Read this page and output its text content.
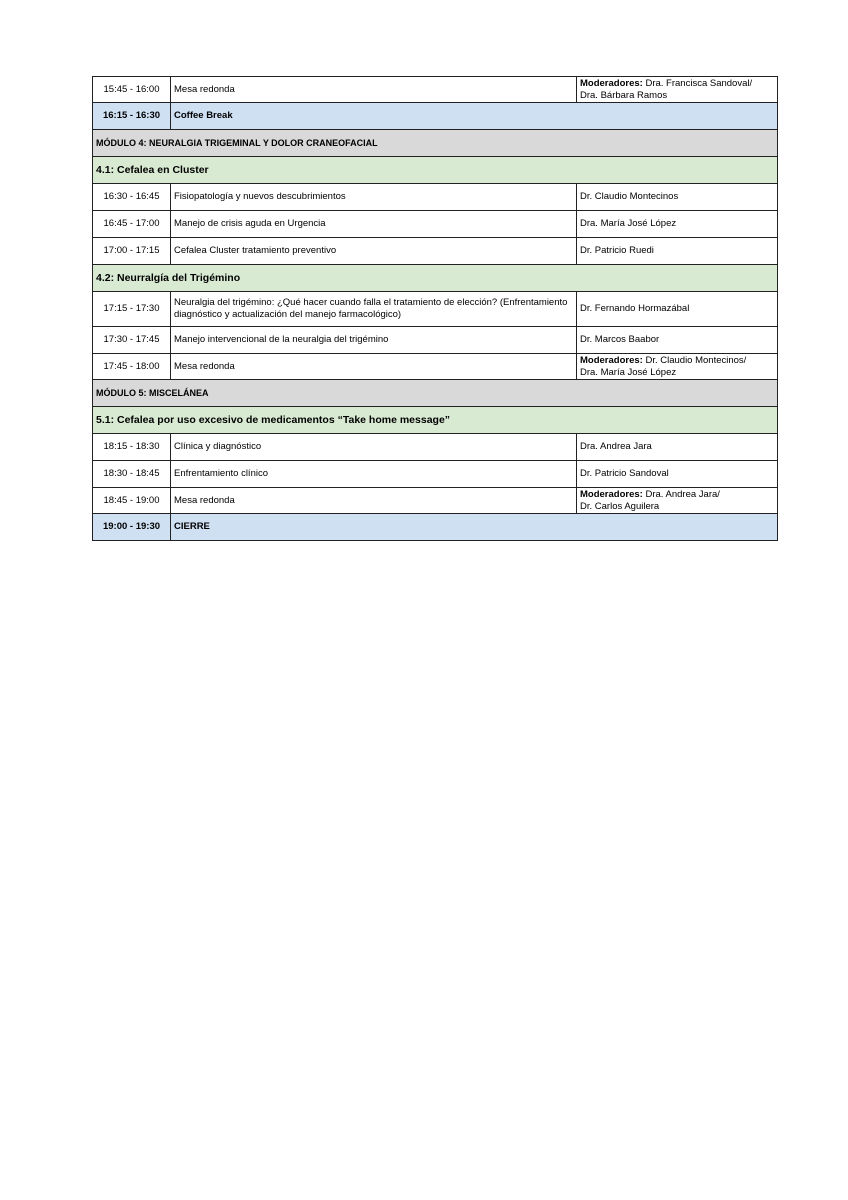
15:45 - 16:00	Mesa redonda	Moderadores: Dra. Francisca Sandoval/
Dra. Bárbara Ramos
16:15 - 16:30	Coffee Break	
MÓDULO 4: NEURALGIA TRIGEMINAL Y DOLOR CRANEOFACIAL		
4.1: Cefalea en Cluster		
16:30 - 16:45	Fisiopatología y nuevos descubrimientos	Dr. Claudio Montecinos
16:45 - 17:00	Manejo de crisis aguda en Urgencia	Dra. María José López
17:00 - 17:15	Cefalea Cluster tratamiento preventivo	Dr. Patricio Ruedi
4.2: Neurralgía del Trigémino		
17:15 - 17:30	Neuralgia del trigémino: ¿Qué hacer cuando falla el tratamiento de elección? (Enfrentamiento diagnóstico y actualización del manejo farmacológico)	Dr. Fernando Hormazábal
17:30 - 17:45	Manejo intervencional de la neuralgia del trigémino	Dr. Marcos Baabor
17:45 - 18:00	Mesa redonda	Moderadores: Dr. Claudio Montecinos/
Dra. María José López
MÓDULO 5: MISCELÁNEA		
5.1: Cefalea por uso excesivo de medicamentos “Take home message”		
18:15 - 18:30	Clínica y diagnóstico	Dra. Andrea Jara
18:30 - 18:45	Enfrentamiento clínico	Dr. Patricio Sandoval
18:45 - 19:00	Mesa redonda	Moderadores: Dra. Andrea Jara/
Dr. Carlos Aguilera
19:00 - 19:30	CIERRE	
